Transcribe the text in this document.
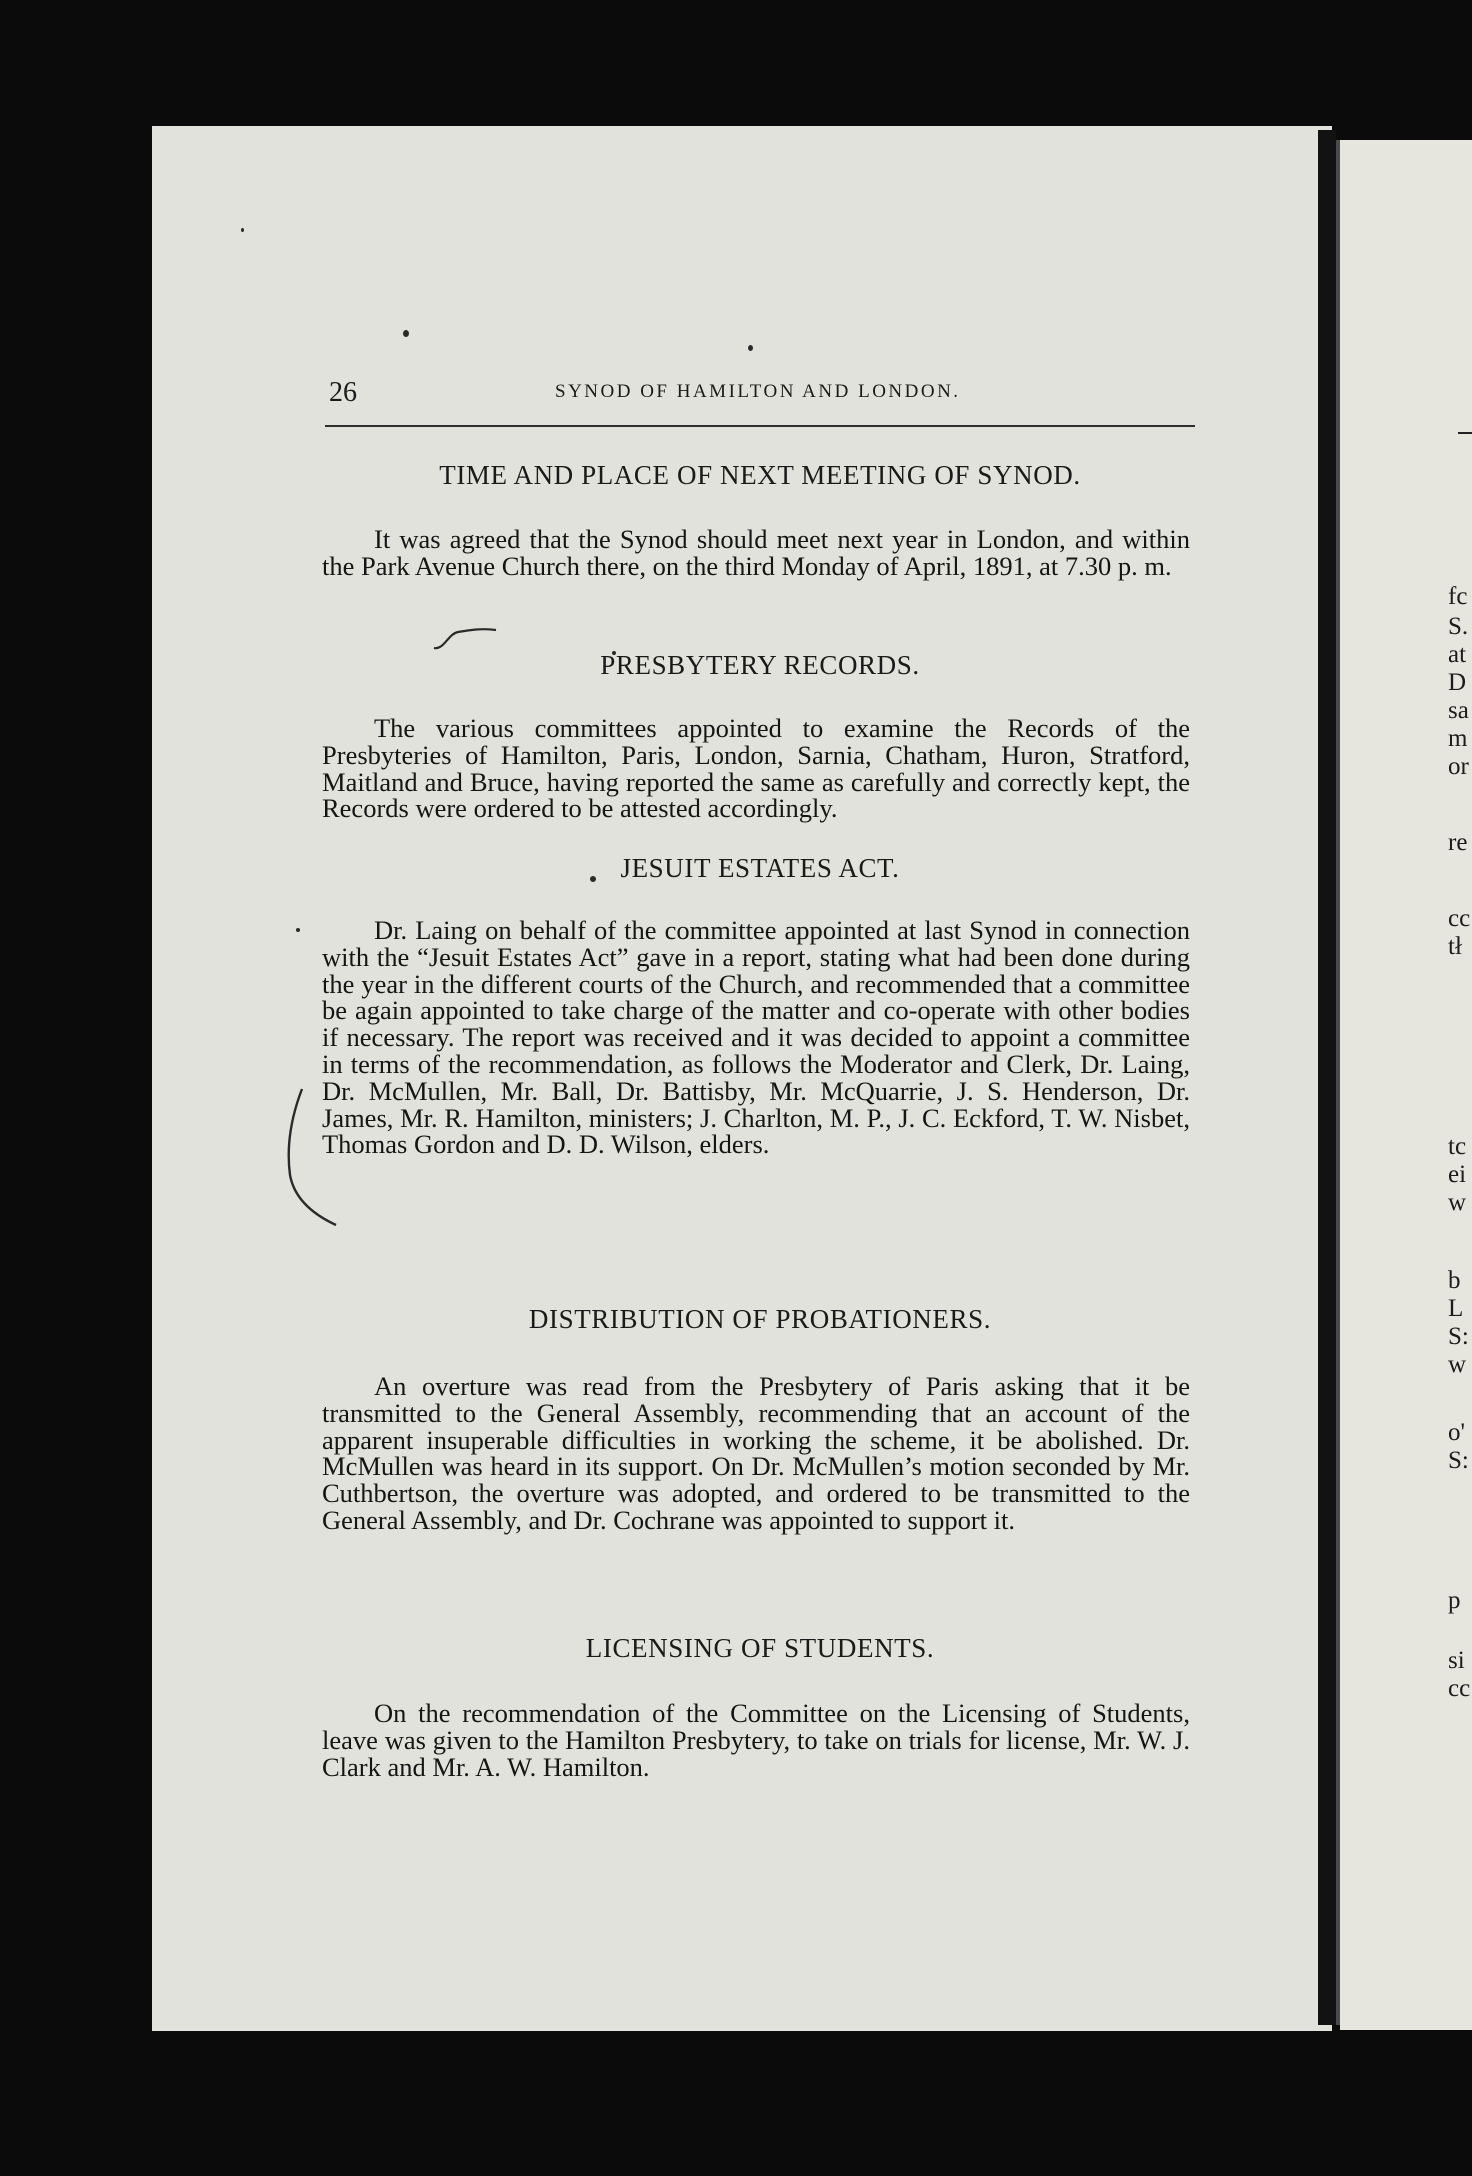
26	SYNOD OF HAMILTON AND LONDON.
TIME AND PLACE OF NEXT MEETING OF SYNOD.

It was agreed that the Synod should meet next year in London, and within the Park Avenue Church there, on the third Monday of April, 1891, at 7.30 p. m.

PRESBYTERY RECORDS.

The various committees appointed to examine the Records of the Presbyteries of Hamilton, Paris, London, Sarnia, Chatham, Huron, Stratford, Maitland and Bruce, having reported the same as carefully and correctly kept, the Records were ordered to be attested accordingly.

JESUIT ESTATES ACT.

Dr. Laing on behalf of the committee appointed at last Synod in connection with the “Jesuit Estates Act” gave in a report, stating what had been done during the year in the different courts of the Church, and recommended that a committee be again appointed to take charge of the matter and co-operate with other bodies if necessary. The report was received and it was decided to appoint a committee in terms of the recommendation, as follows the Moderator and Clerk, Dr. Laing, Dr. McMullen, Mr. Ball, Dr. Battisby, Mr. McQuarrie, J. S. Henderson, Dr. James, Mr. R. Hamilton, ministers; J. Charlton, M. P., J. C. Eckford, T. W. Nisbet, Thomas Gordon and D. D. Wilson, elders.

DISTRIBUTION OF PROBATIONERS.

An overture was read from the Presbytery of Paris asking that it be transmitted to the General Assembly, recommending that an account of the apparent insuperable difficulties in working the scheme, it be abolished. Dr. McMullen was heard in its support. On Dr. McMullen’s motion seconded by Mr. Cuthbertson, the overture was adopted, and ordered to be transmitted to the General Assembly, and Dr. Cochrane was appointed to support it.

LICENSING OF STUDENTS.

On the recommendation of the Committee on the Licensing of Students, leave was given to the Hamilton Presbytery, to take on trials for license, Mr. W. J. Clark and Mr. A. W. Hamilton.

fc
S.
at
D
sa
m
or
re
cc
tł
tc
ei
w
b
L
S:
w
o'
S:
p
si
cc
